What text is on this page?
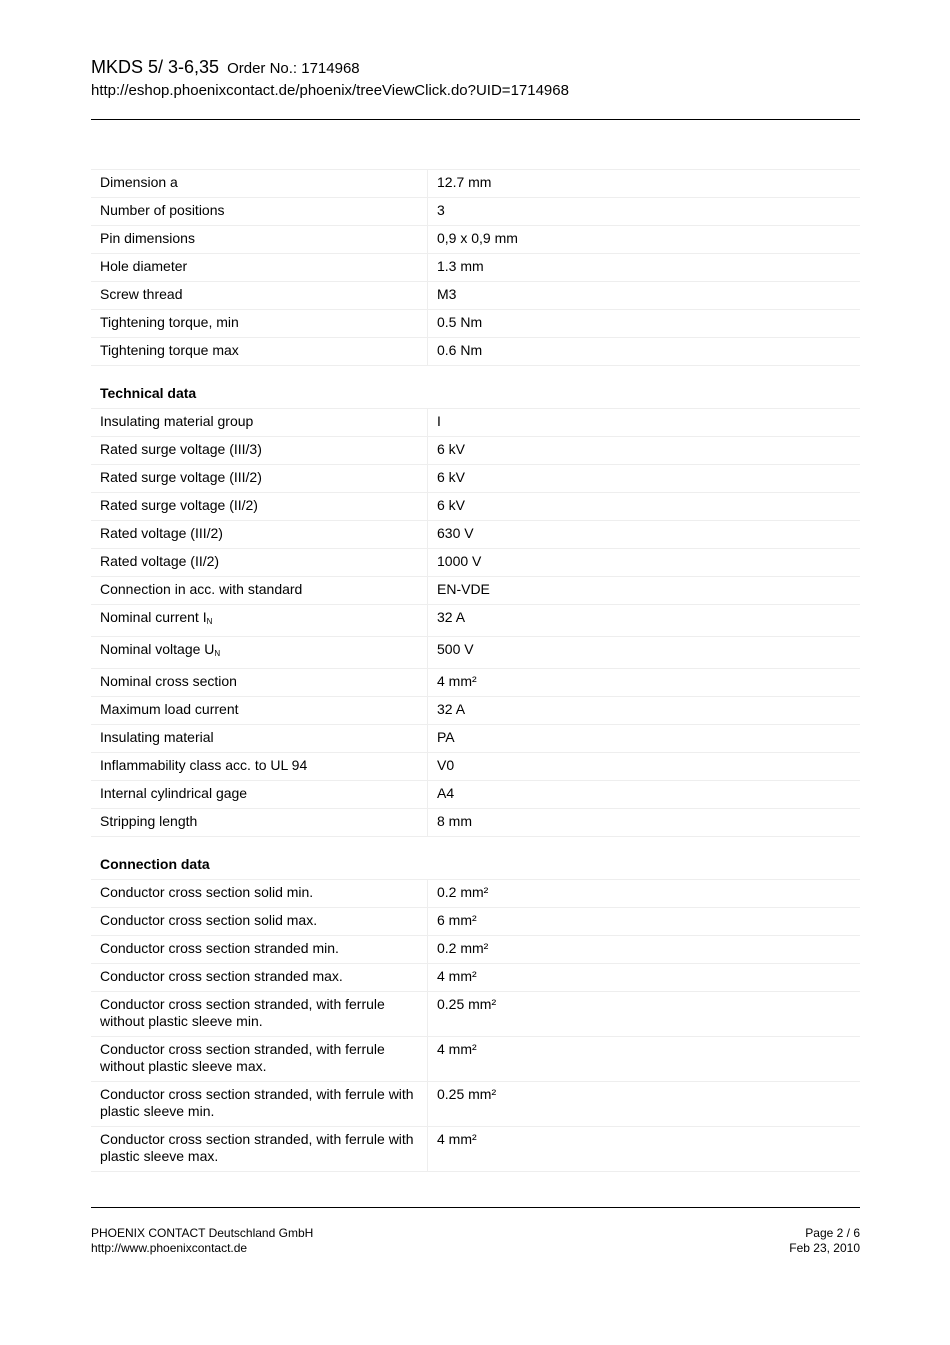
MKDS 5/ 3-6,35 Order No.: 1714968
http://eshop.phoenixcontact.de/phoenix/treeViewClick.do?UID=1714968
Dimension a	12.7 mm
Number of positions	3
Pin dimensions	0,9 x 0,9 mm
Hole diameter	1.3 mm
Screw thread	M3
Tightening torque, min	0.5 Nm
Tightening torque max	0.6 Nm
Technical data
Insulating material group	I
Rated surge voltage (III/3)	6 kV
Rated surge voltage (III/2)	6 kV
Rated surge voltage (II/2)	6 kV
Rated voltage (III/2)	630 V
Rated voltage (II/2)	1000 V
Connection in acc. with standard	EN-VDE
Nominal current $I_N$	32 A
Nominal voltage $U_N$	500 V
Nominal cross section	4 mm²
Maximum load current	32 A
Insulating material	PA
Inflammability class acc. to UL 94	V0
Internal cylindrical gage	A4
Stripping length	8 mm
Connection data
Conductor cross section solid min.	0.2 mm²
Conductor cross section solid max.	6 mm²
Conductor cross section stranded min.	0.2 mm²
Conductor cross section stranded max.	4 mm²
Conductor cross section stranded, with ferrule without plastic sleeve min.	0.25 mm²
Conductor cross section stranded, with ferrule without plastic sleeve max.	4 mm²
Conductor cross section stranded, with ferrule with plastic sleeve min.	0.25 mm²
Conductor cross section stranded, with ferrule with plastic sleeve max.	4 mm²
PHOENIX CONTACT Deutschland GmbH
http://www.phoenixcontact.de
Page 2 / 6
Feb 23, 2010
